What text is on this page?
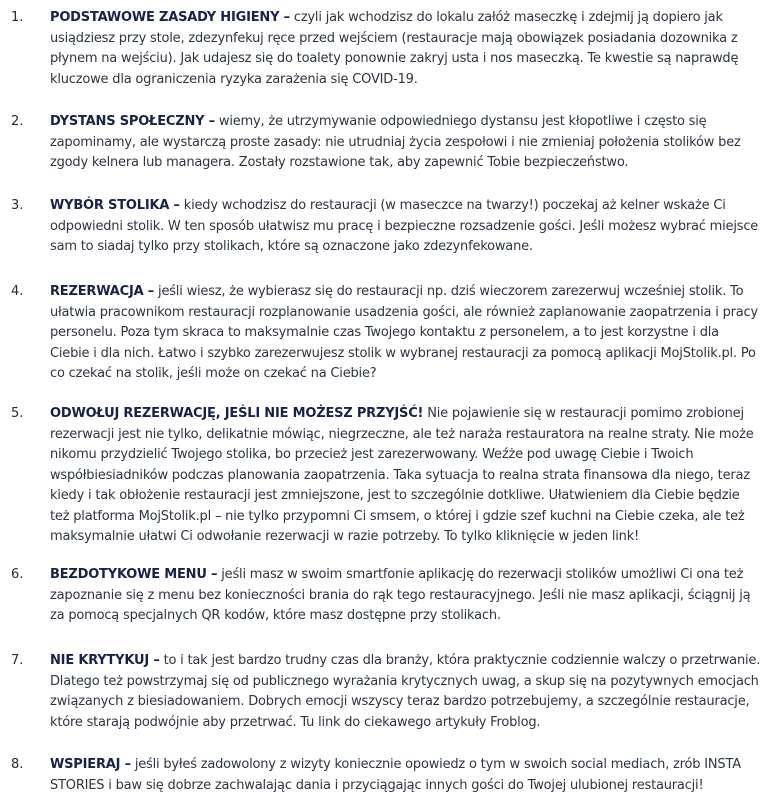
1. PODSTAWOWE ZASADY HIGIENY – czyli jak wchodzisz do lokalu załóż maseczkę i zdejmij ją dopiero jak usiądziesz przy stole, zdezynfekuj ręce przed wejściem (restauracje mają obowiązek posiadania dozownika z płynem na wejściu). Jak udajesz się do toalety ponownie zakryj usta i nos maseczką. Te kwestie są naprawdę kluczowe dla ograniczenia ryzyka zarażenia się COVID-19.
2. DYSTANS SPOŁECZNY – wiemy, że utrzymywanie odpowiedniego dystansu jest kłopotliwe i często się zapominamy, ale wystarczą proste zasady: nie utrudniaj życia zespołowi i nie zmieniaj położenia stolików bez zgody kelnera lub managera. Zostały rozstawione tak, aby zapewnić Tobie bezpieczeństwo.
3. WYBÓR STOLIKA – kiedy wchodzisz do restauracji (w maseczce na twarzy!) poczekaj aż kelner wskaże Ci odpowiedni stolik. W ten sposób ułatwisz mu pracę i bezpieczne rozsadzenie gości. Jeśli możesz wybrać miejsce sam to siadaj tylko przy stolikach, które są oznaczone jako zdezynfekowane.
4. REZERWACJA – jeśli wiesz, że wybierasz się do restauracji np. dziś wieczorem zarezerwuj wcześniej stolik. To ułatwia pracownikom restauracji rozplanowanie usadzenia gości, ale również zaplanowanie zaopatrzenia i pracy personelu. Poza tym skraca to maksymalnie czas Twojego kontaktu z personelem, a to jest korzystne i dla Ciebie i dla nich. Łatwo i szybko zarezerwujesz stolik w wybranej restauracji za pomocą aplikacji MojStolik.pl. Po co czekać na stolik, jeśli może on czekać na Ciebie?
5. ODWOŁUJ REZERWACJĘ, JEŚLI NIE MOŻESZ PRZYJŚĆ! Nie pojawienie się w restauracji pomimo zrobionej rezerwacji jest nie tylko, delikatnie mówiąc, niegrzeczne, ale też naraża restauratora na realne straty. Nie może nikomu przydzielić Twojego stolika, bo przecież jest zarezerwowany. Weźże pod uwagę Ciebie i Twoich współbiesiadników podczas planowania zaopatrzenia. Taka sytuacja to realna strata finansowa dla niego, teraz kiedy i tak obłożenie restauracji jest zmniejszone, jest to szczególnie dotkliwe. Ułatwieniem dla Ciebie będzie też platforma MojStolik.pl – nie tylko przypomni Ci smsem, o której i gdzie szef kuchni na Ciebie czeka, ale też maksymalnie ułatwi Ci odwołanie rezerwacji w razie potrzeby. To tylko kliknięcie w jeden link!
6. BEZDOTYKOWE MENU – jeśli masz w swoim smartfonie aplikację do rezerwacji stolików umożliwi Ci ona też zapoznanie się z menu bez konieczności brania do rąk tego restauracyjnego. Jeśli nie masz aplikacji, ściągnij ją za pomocą specjalnych QR kodów, które masz dostępne przy stolikach.
7. NIE KRYTYKUJ – to i tak jest bardzo trudny czas dla branży, która praktycznie codziennie walczy o przetrwanie. Dlatego też powstrzymaj się od publicznego wyrażania krytycznych uwag, a skup się na pozytywnych emocjach związanych z biesiadowaniem. Dobrych emocji wszyscy teraz bardzo potrzebujemy, a szczególnie restauracje, które starają podwójnie aby przetrwać. Tu link do ciekawego artykuły Froblog.
8. WSPIERAJ – jeśli byłeś zadowolony z wizyty koniecznie opowiedz o tym w swoich social mediach, zrób INSTA STORIES i baw się dobrze zachwalając dania i przyciągając innych gości do Twojej ulubionej restauracji!
